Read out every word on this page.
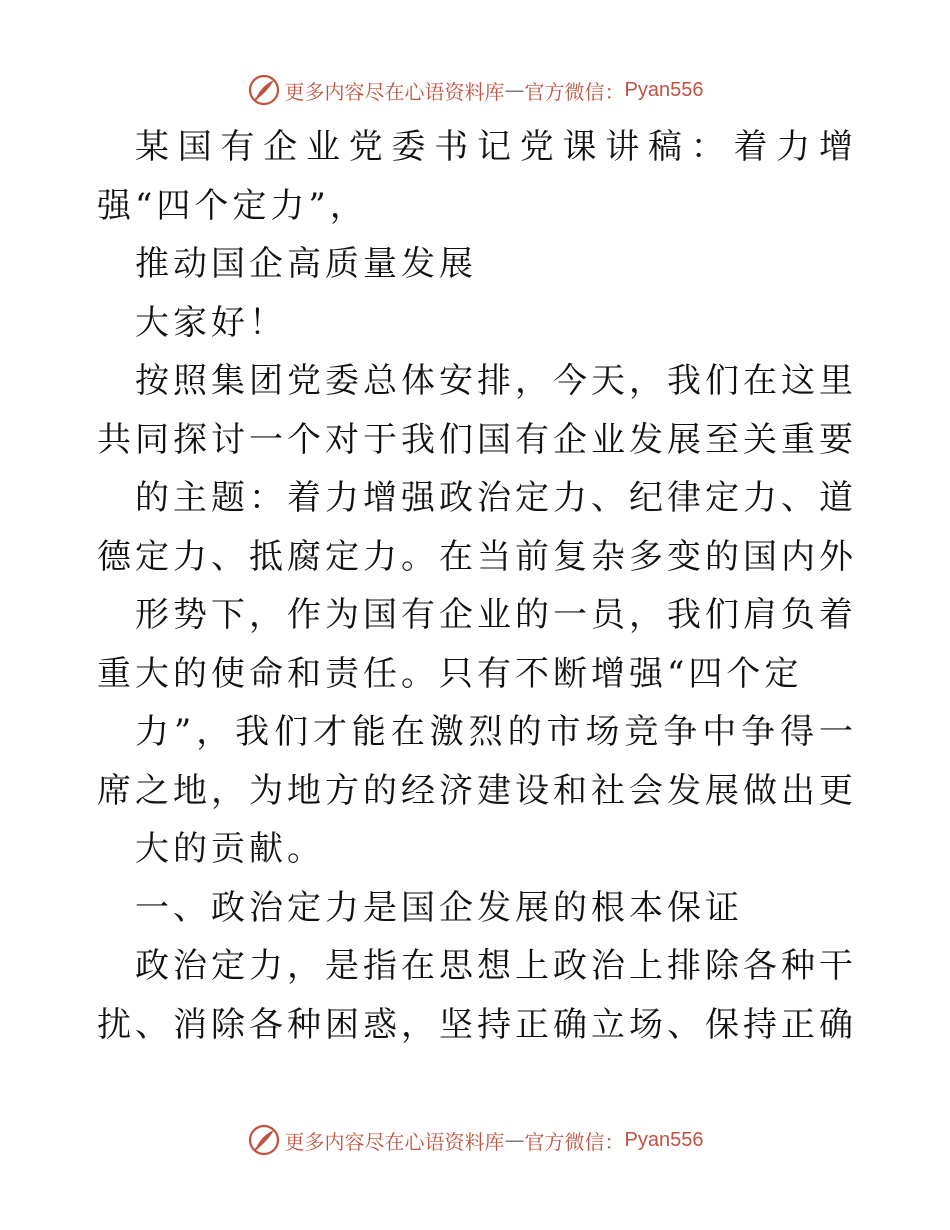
更多内容尽在心语资料库 — 官方微信： Pyan556

某国有企业党委书记党课讲稿：着力增强“四个定力”，

推动国企高质量发展

大家好！

按照集团党委总体安排，今天，我们在这里共同探讨一个对于我们国有企业发展至关重要

的主题：着力增强政治定力、纪律定力、道德定力、抵腐定力。在当前复杂多变的国内外

形势下，作为国有企业的一员，我们肩负着重大的使命和责任。只有不断增强“四个定

力”，我们才能在激烈的市场竞争中争得一席之地，为地方的经济建设和社会发展做出更

大的贡献。

一、政治定力是国企发展的根本保证

政治定力，是指在思想上政治上排除各种干扰、消除各种困惑，坚持正确立场、保持正确

更多内容尽在心语资料库 — 官方微信： Pyan556
